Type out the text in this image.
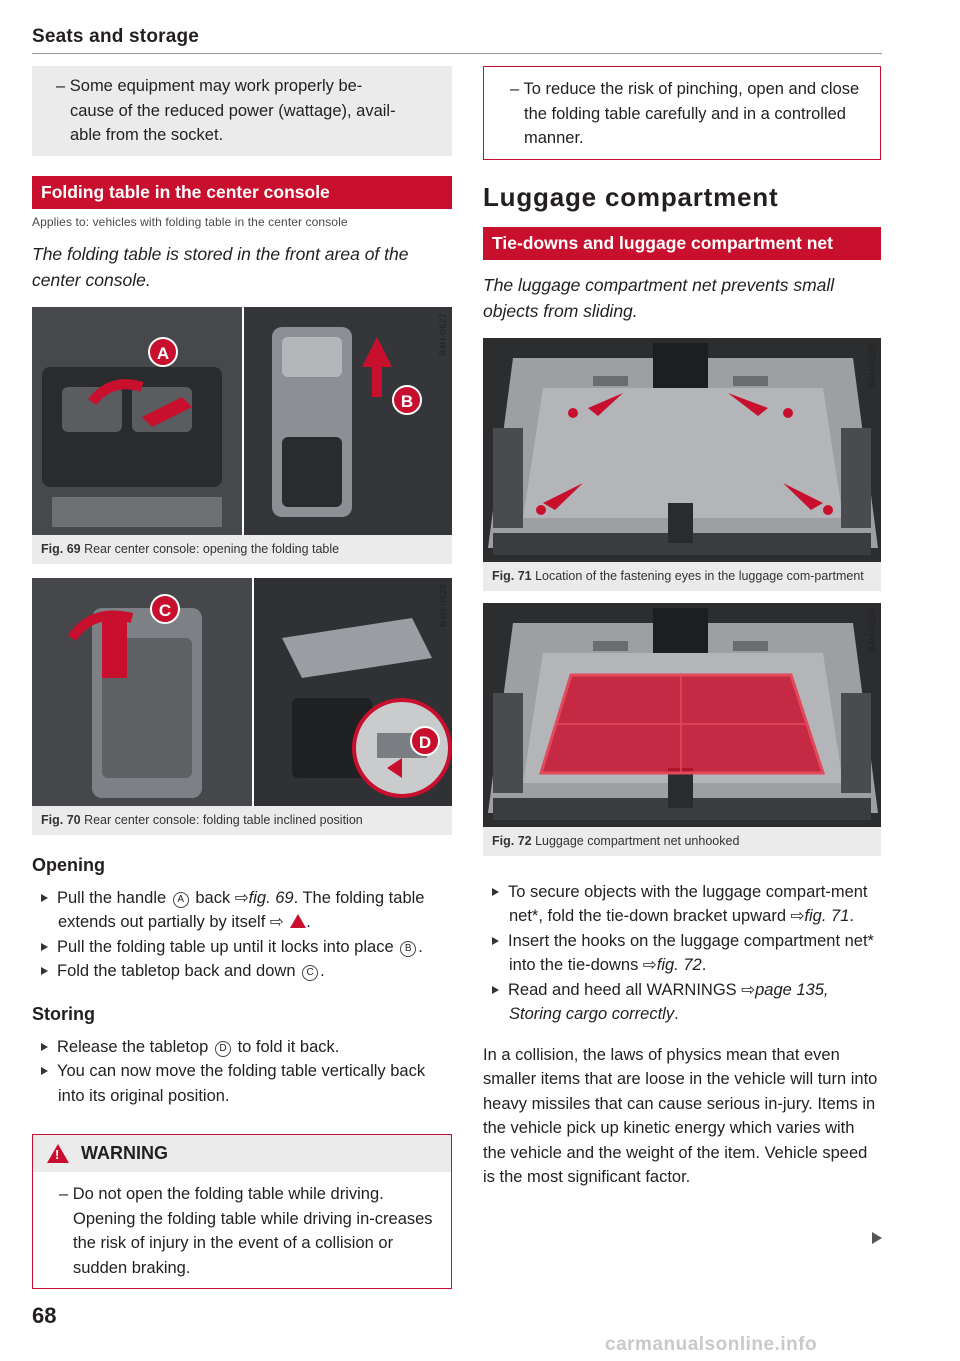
Seats and storage
– Some equipment may work properly be-
cause of the reduced power (wattage), avail-
able from the socket.
Folding table in the center console
Applies to: vehicles with folding table in the center console
The folding table is stored in the front area of the center console.
A
B
B4H-0627
Fig. 69 Rear center console: opening the folding table
C
D
B4H-0628
Fig. 70 Rear center console: folding table inclined position
Opening
Pull the handle A back ⇨fig. 69. The folding table extends out partially by itself ⇨ ! .
Pull the folding table up until it locks into place B .
Fold the tabletop back and down C .
Storing
Release the tabletop D to fold it back.
You can now move the folding table vertically back into its original position.
!
WARNING
– Do not open the folding table while driving. Opening the folding table while driving in-creases the risk of injury in the event of a collision or sudden braking.
– To reduce the risk of pinching, open and close the folding table carefully and in a controlled manner.
Luggage compartment
Tie-downs and luggage compartment net
The luggage compartment net prevents small objects from sliding.
B4H-0335
Fig. 71 Location of the fastening eyes in the luggage com-partment
B4H-0336
Fig. 72 Luggage compartment net unhooked
To secure objects with the luggage compart-ment net*, fold the tie-down bracket upward ⇨fig. 71.
Insert the hooks on the luggage compartment net* into the tie-downs ⇨fig. 72.
Read and heed all WARNINGS ⇨page 135, Storing cargo correctly.
In a collision, the laws of physics mean that even smaller items that are loose in the vehicle will turn into heavy missiles that can cause serious in-jury. Items in the vehicle pick up kinetic energy which varies with the vehicle and the weight of the item. Vehicle speed is the most significant factor.
68
carmanualsonline.info
